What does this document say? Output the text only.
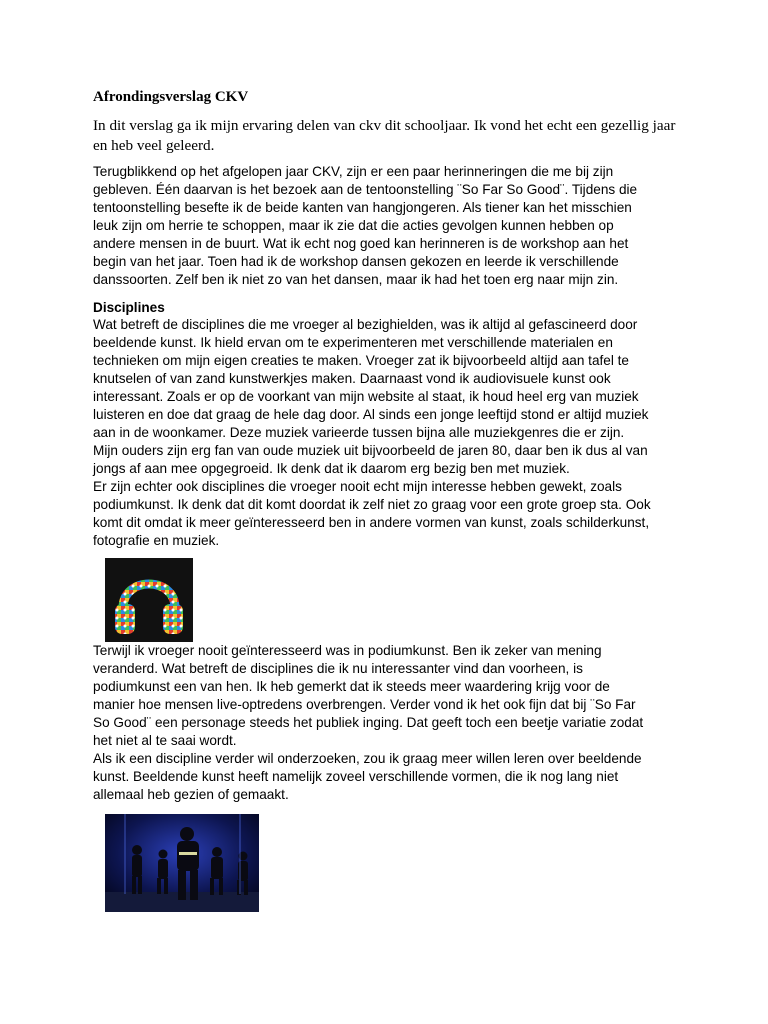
Afrondingsverslag CKV
In dit verslag ga ik mijn ervaring delen van ckv dit schooljaar. Ik vond het echt een gezellig jaar en heb veel geleerd.
Terugblikkend op het afgelopen jaar CKV, zijn er een paar herinneringen die me bij zijn
gebleven. Één daarvan is het bezoek aan de tentoonstelling ¨So Far So Good¨. Tijdens die
tentoonstelling besefte ik de beide kanten van hangjongeren. Als tiener kan het misschien
leuk zijn om herrie te schoppen, maar ik zie dat die acties gevolgen kunnen hebben op
andere mensen in de buurt. Wat ik echt nog goed kan herinneren is de workshop aan het
begin van het jaar. Toen had ik de workshop dansen gekozen en leerde ik verschillende
danssoorten. Zelf ben ik niet zo van het dansen, maar ik had het toen erg naar mijn zin.
Disciplines
Wat betreft de disciplines die me vroeger al bezighielden, was ik altijd al gefascineerd door
beeldende kunst. Ik hield ervan om te experimenteren met verschillende materialen en
technieken om mijn eigen creaties te maken. Vroeger zat ik bijvoorbeeld altijd aan tafel te
knutselen of van zand kunstwerkjes maken. Daarnaast vond ik audiovisuele kunst ook
interessant. Zoals er op de voorkant van mijn website al staat, ik houd heel erg van muziek
luisteren en doe dat graag de hele dag door. Al sinds een jonge leeftijd stond er altijd muziek
aan in de woonkamer. Deze muziek varieerde tussen bijna alle muziekgenres die er zijn.
Mijn ouders zijn erg fan van oude muziek uit bijvoorbeeld de jaren 80, daar ben ik dus al van
jongs af aan mee opgegroeid. Ik denk dat ik daarom erg bezig ben met muziek.
Er zijn echter ook disciplines die vroeger nooit echt mijn interesse hebben gewekt, zoals
podiumkunst. Ik denk dat dit komt doordat ik zelf niet zo graag voor een grote groep sta. Ook
komt dit omdat ik meer geïnteresseerd ben in andere vormen van kunst, zoals schilderkunst,
fotografie en muziek.
Terwijl ik vroeger nooit geïnteresseerd was in podiumkunst. Ben ik zeker van mening
veranderd. Wat betreft de disciplines die ik nu interessanter vind dan voorheen, is
podiumkunst een van hen. Ik heb gemerkt dat ik steeds meer waardering krijg voor de
manier hoe mensen live-optredens overbrengen. Verder vond ik het ook fijn dat bij ¨So Far
So Good¨ een personage steeds het publiek inging. Dat geeft toch een beetje variatie zodat
het niet al te saai wordt.
Als ik een discipline verder wil onderzoeken, zou ik graag meer willen leren over beeldende
kunst. Beeldende kunst heeft namelijk zoveel verschillende vormen, die ik nog lang niet
allemaal heb gezien of gemaakt.
